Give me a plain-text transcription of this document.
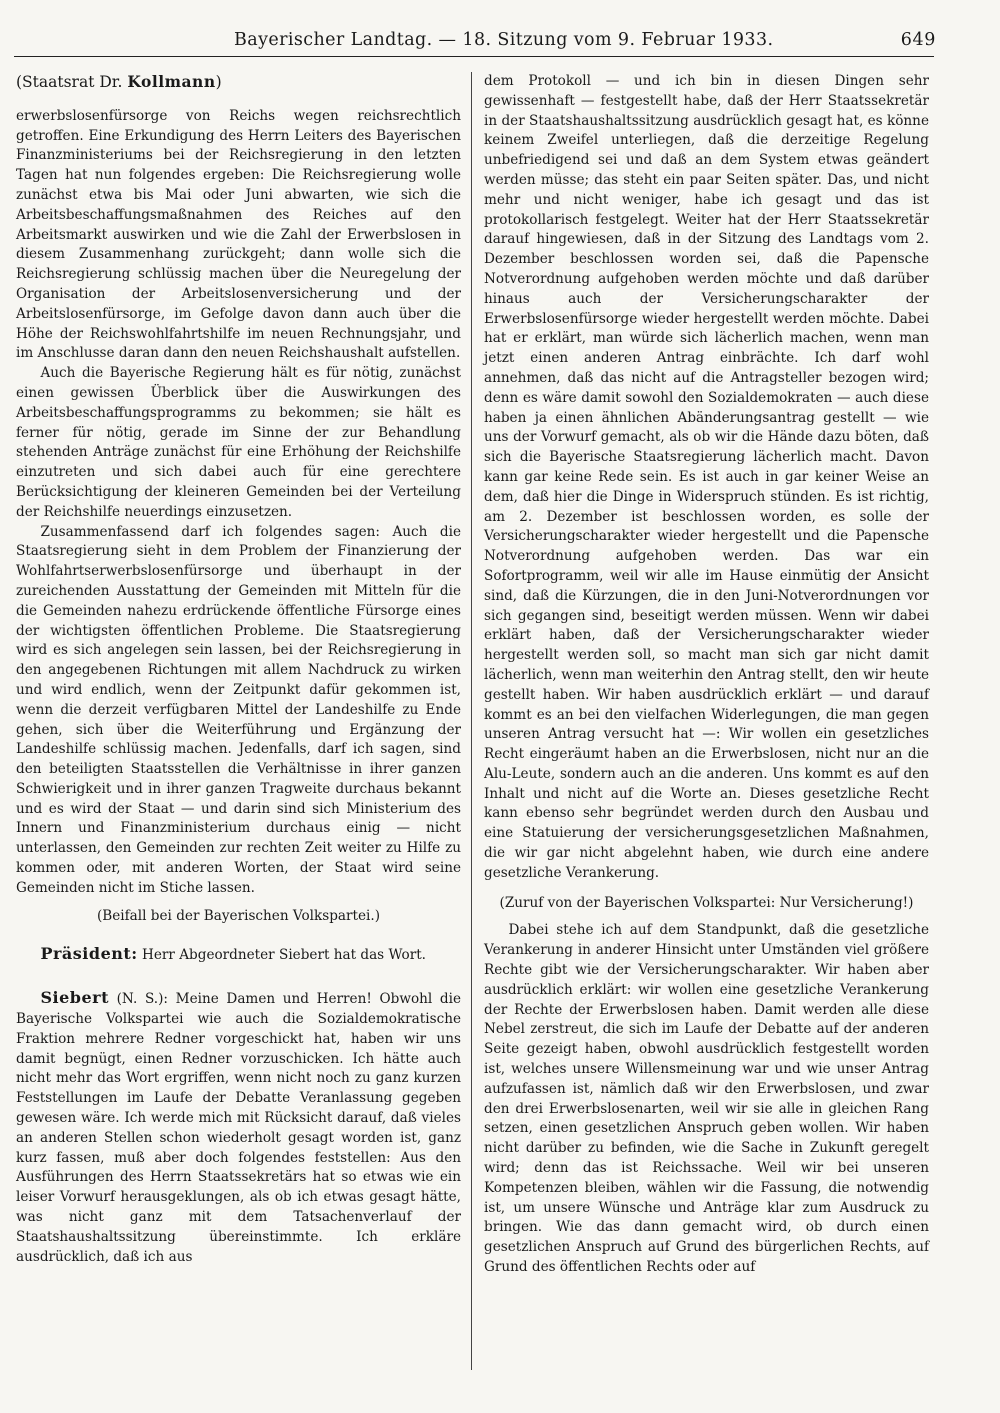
Bayerischer Landtag. — 18. Sitzung vom 9. Februar 1933.	649

(Staatsrat Dr. Kollmann)

erwerbslosenfürsorge von Reichs wegen reichsrechtlich getroffen. Eine Erkundigung des Herrn Leiters des Bayerischen Finanzministeriums bei der Reichsregierung in den letzten Tagen hat nun folgendes ergeben: Die Reichsregierung wolle zunächst etwa bis Mai oder Juni abwarten, wie sich die Arbeitsbeschaffungsmaßnahmen des Reiches auf den Arbeitsmarkt auswirken und wie die Zahl der Erwerbslosen in diesem Zusammenhang zurückgeht; dann wolle sich die Reichsregierung schlüssig machen über die Neuregelung der Organisation der Arbeitslosenversicherung und der Arbeitslosenfürsorge, im Gefolge davon dann auch über die Höhe der Reichswohlfahrtshilfe im neuen Rechnungsjahr, und im Anschlusse daran dann den neuen Reichshaushalt aufstellen.

Auch die Bayerische Regierung hält es für nötig, zunächst einen gewissen Überblick über die Auswirkungen des Arbeitsbeschaffungsprogramms zu bekommen; sie hält es ferner für nötig, gerade im Sinne der zur Behandlung stehenden Anträge zunächst für eine Erhöhung der Reichshilfe einzutreten und sich dabei auch für eine gerechtere Berücksichtigung der kleineren Gemeinden bei der Verteilung der Reichshilfe neuerdings einzusetzen.

Zusammenfassend darf ich folgendes sagen: Auch die Staatsregierung sieht in dem Problem der Finanzierung der Wohlfahrtserwerbslosenfürsorge und überhaupt in der zureichenden Ausstattung der Gemeinden mit Mitteln für die die Gemeinden nahezu erdrückende öffentliche Fürsorge eines der wichtigsten öffentlichen Probleme. Die Staatsregierung wird es sich angelegen sein lassen, bei der Reichsregierung in den angegebenen Richtungen mit allem Nachdruck zu wirken und wird endlich, wenn der Zeitpunkt dafür gekommen ist, wenn die derzeit verfügbaren Mittel der Landeshilfe zu Ende gehen, sich über die Weiterführung und Ergänzung der Landeshilfe schlüssig machen. Jedenfalls, darf ich sagen, sind den beteiligten Staatsstellen die Verhältnisse in ihrer ganzen Schwierigkeit und in ihrer ganzen Tragweite durchaus bekannt und es wird der Staat — und darin sind sich Ministerium des Innern und Finanzministerium durchaus einig — nicht unterlassen, den Gemeinden zur rechten Zeit weiter zu Hilfe zu kommen oder, mit anderen Worten, der Staat wird seine Gemeinden nicht im Stiche lassen.

(Beifall bei der Bayerischen Volkspartei.)

Präsident: Herr Abgeordneter Siebert hat das Wort.

Siebert (N. S.): Meine Damen und Herren! Obwohl die Bayerische Volkspartei wie auch die Sozialdemokratische Fraktion mehrere Redner vorgeschickt hat, haben wir uns damit begnügt, einen Redner vorzuschicken. Ich hätte auch nicht mehr das Wort ergriffen, wenn nicht noch zu ganz kurzen Feststellungen im Laufe der Debatte Veranlassung gegeben gewesen wäre. Ich werde mich mit Rücksicht darauf, daß vieles an anderen Stellen schon wiederholt gesagt worden ist, ganz kurz fassen, muß aber doch folgendes feststellen: Aus den Ausführungen des Herrn Staatssekretärs hat so etwas wie ein leiser Vorwurf herausgeklungen, als ob ich etwas gesagt hätte, was nicht ganz mit dem Tatsachenverlauf der Staatshaushaltssitzung übereinstimmte. Ich erkläre ausdrücklich, daß ich aus

dem Protokoll — und ich bin in diesen Dingen sehr gewissenhaft — festgestellt habe, daß der Herr Staatssekretär in der Staatshaushaltssitzung ausdrücklich gesagt hat, es könne keinem Zweifel unterliegen, daß die derzeitige Regelung unbefriedigend sei und daß an dem System etwas geändert werden müsse; das steht ein paar Seiten später. Das, und nicht mehr und nicht weniger, habe ich gesagt und das ist protokollarisch festgelegt. Weiter hat der Herr Staatssekretär darauf hingewiesen, daß in der Sitzung des Landtags vom 2. Dezember beschlossen worden sei, daß die Papensche Notverordnung aufgehoben werden möchte und daß darüber hinaus auch der Versicherungscharakter der Erwerbslosenfürsorge wieder hergestellt werden möchte. Dabei hat er erklärt, man würde sich lächerlich machen, wenn man jetzt einen anderen Antrag einbrächte. Ich darf wohl annehmen, daß das nicht auf die Antragsteller bezogen wird; denn es wäre damit sowohl den Sozialdemokraten — auch diese haben ja einen ähnlichen Abänderungsantrag gestellt — wie uns der Vorwurf gemacht, als ob wir die Hände dazu böten, daß sich die Bayerische Staatsregierung lächerlich macht. Davon kann gar keine Rede sein. Es ist auch in gar keiner Weise an dem, daß hier die Dinge in Widerspruch stünden. Es ist richtig, am 2. Dezember ist beschlossen worden, es solle der Versicherungscharakter wieder hergestellt und die Papensche Notverordnung aufgehoben werden. Das war ein Sofortprogramm, weil wir alle im Hause einmütig der Ansicht sind, daß die Kürzungen, die in den Juni-Notverordnungen vor sich gegangen sind, beseitigt werden müssen. Wenn wir dabei erklärt haben, daß der Versicherungscharakter wieder hergestellt werden soll, so macht man sich gar nicht damit lächerlich, wenn man weiterhin den Antrag stellt, den wir heute gestellt haben. Wir haben ausdrücklich erklärt — und darauf kommt es an bei den vielfachen Widerlegungen, die man gegen unseren Antrag versucht hat —: Wir wollen ein gesetzliches Recht eingeräumt haben an die Erwerbslosen, nicht nur an die Alu-Leute, sondern auch an die anderen. Uns kommt es auf den Inhalt und nicht auf die Worte an. Dieses gesetzliche Recht kann ebenso sehr begründet werden durch den Ausbau und eine Statuierung der versicherungsgesetzlichen Maßnahmen, die wir gar nicht abgelehnt haben, wie durch eine andere gesetzliche Verankerung.

(Zuruf von der Bayerischen Volkspartei: Nur Versicherung!)

Dabei stehe ich auf dem Standpunkt, daß die gesetzliche Verankerung in anderer Hinsicht unter Umständen viel größere Rechte gibt wie der Versicherungscharakter. Wir haben aber ausdrücklich erklärt: wir wollen eine gesetzliche Verankerung der Rechte der Erwerbslosen haben. Damit werden alle diese Nebel zerstreut, die sich im Laufe der Debatte auf der anderen Seite gezeigt haben, obwohl ausdrücklich festgestellt worden ist, welches unsere Willensmeinung war und wie unser Antrag aufzufassen ist, nämlich daß wir den Erwerbslosen, und zwar den drei Erwerbslosenarten, weil wir sie alle in gleichen Rang setzen, einen gesetzlichen Anspruch geben wollen. Wir haben nicht darüber zu befinden, wie die Sache in Zukunft geregelt wird; denn das ist Reichssache. Weil wir bei unseren Kompetenzen bleiben, wählen wir die Fassung, die notwendig ist, um unsere Wünsche und Anträge klar zum Ausdruck zu bringen. Wie das dann gemacht wird, ob durch einen gesetzlichen Anspruch auf Grund des bürgerlichen Rechts, auf Grund des öffentlichen Rechts oder auf
